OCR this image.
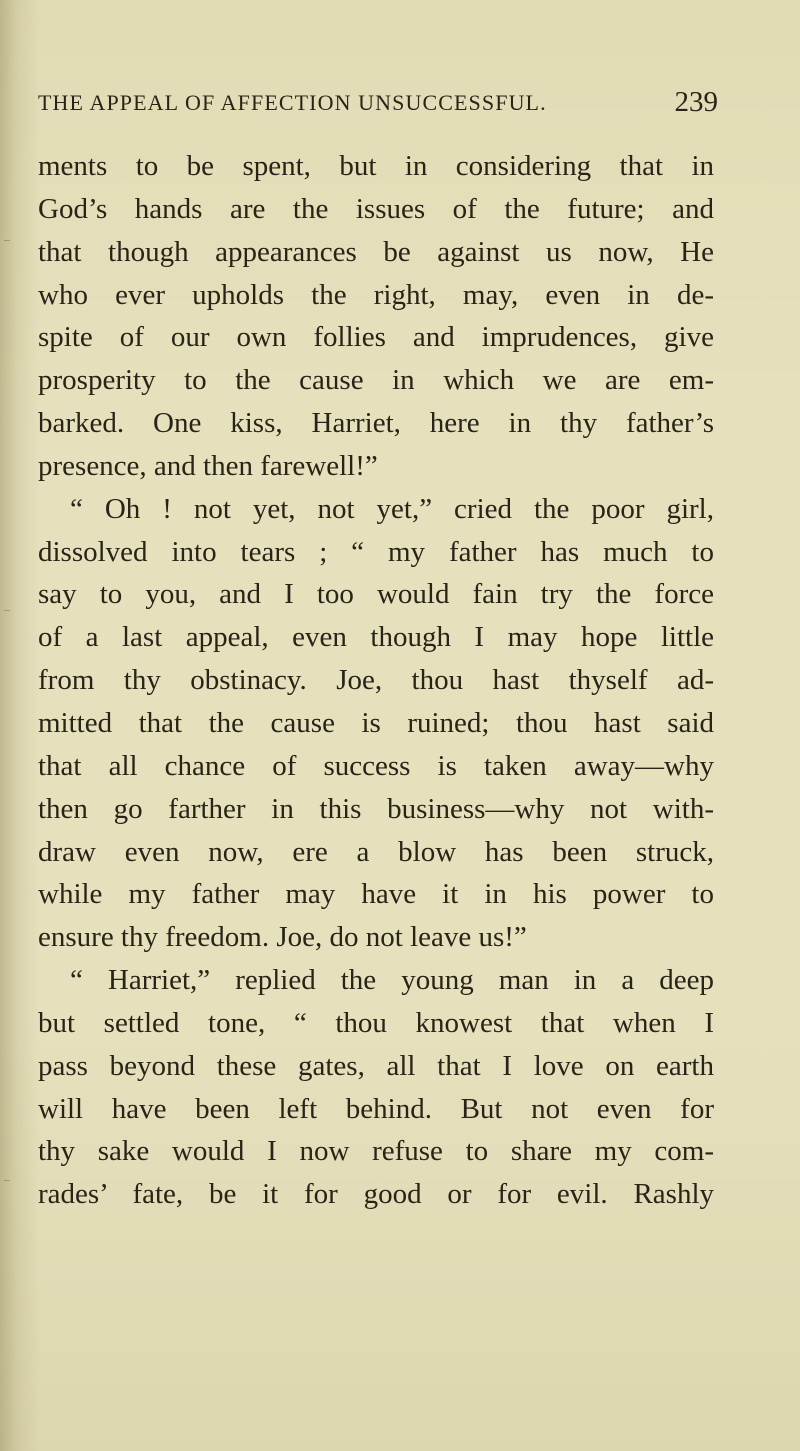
THE APPEAL OF AFFECTION UNSUCCESSFUL.	239
ments to be spent, but in considering that in
God’s hands are the issues of the future; and
that though appearances be against us now, He
who ever upholds the right, may, even in de-
spite of our own follies and imprudences, give
prosperity to the cause in which we are em-
barked. One kiss, Harriet, here in thy father’s
presence, and then farewell!”
“ Oh ! not yet, not yet,” cried the poor girl,
dissolved into tears ; “ my father has much to
say to you, and I too would fain try the force
of a last appeal, even though I may hope little
from thy obstinacy. Joe, thou hast thyself ad-
mitted that the cause is ruined; thou hast said
that all chance of success is taken away—why
then go farther in this business—why not with-
draw even now, ere a blow has been struck,
while my father may have it in his power to
ensure thy freedom. Joe, do not leave us!”
“ Harriet,” replied the young man in a deep
but settled tone, “ thou knowest that when I
pass beyond these gates, all that I love on earth
will have been left behind. But not even for
thy sake would I now refuse to share my com-
rades’ fate, be it for good or for evil. Rashly
